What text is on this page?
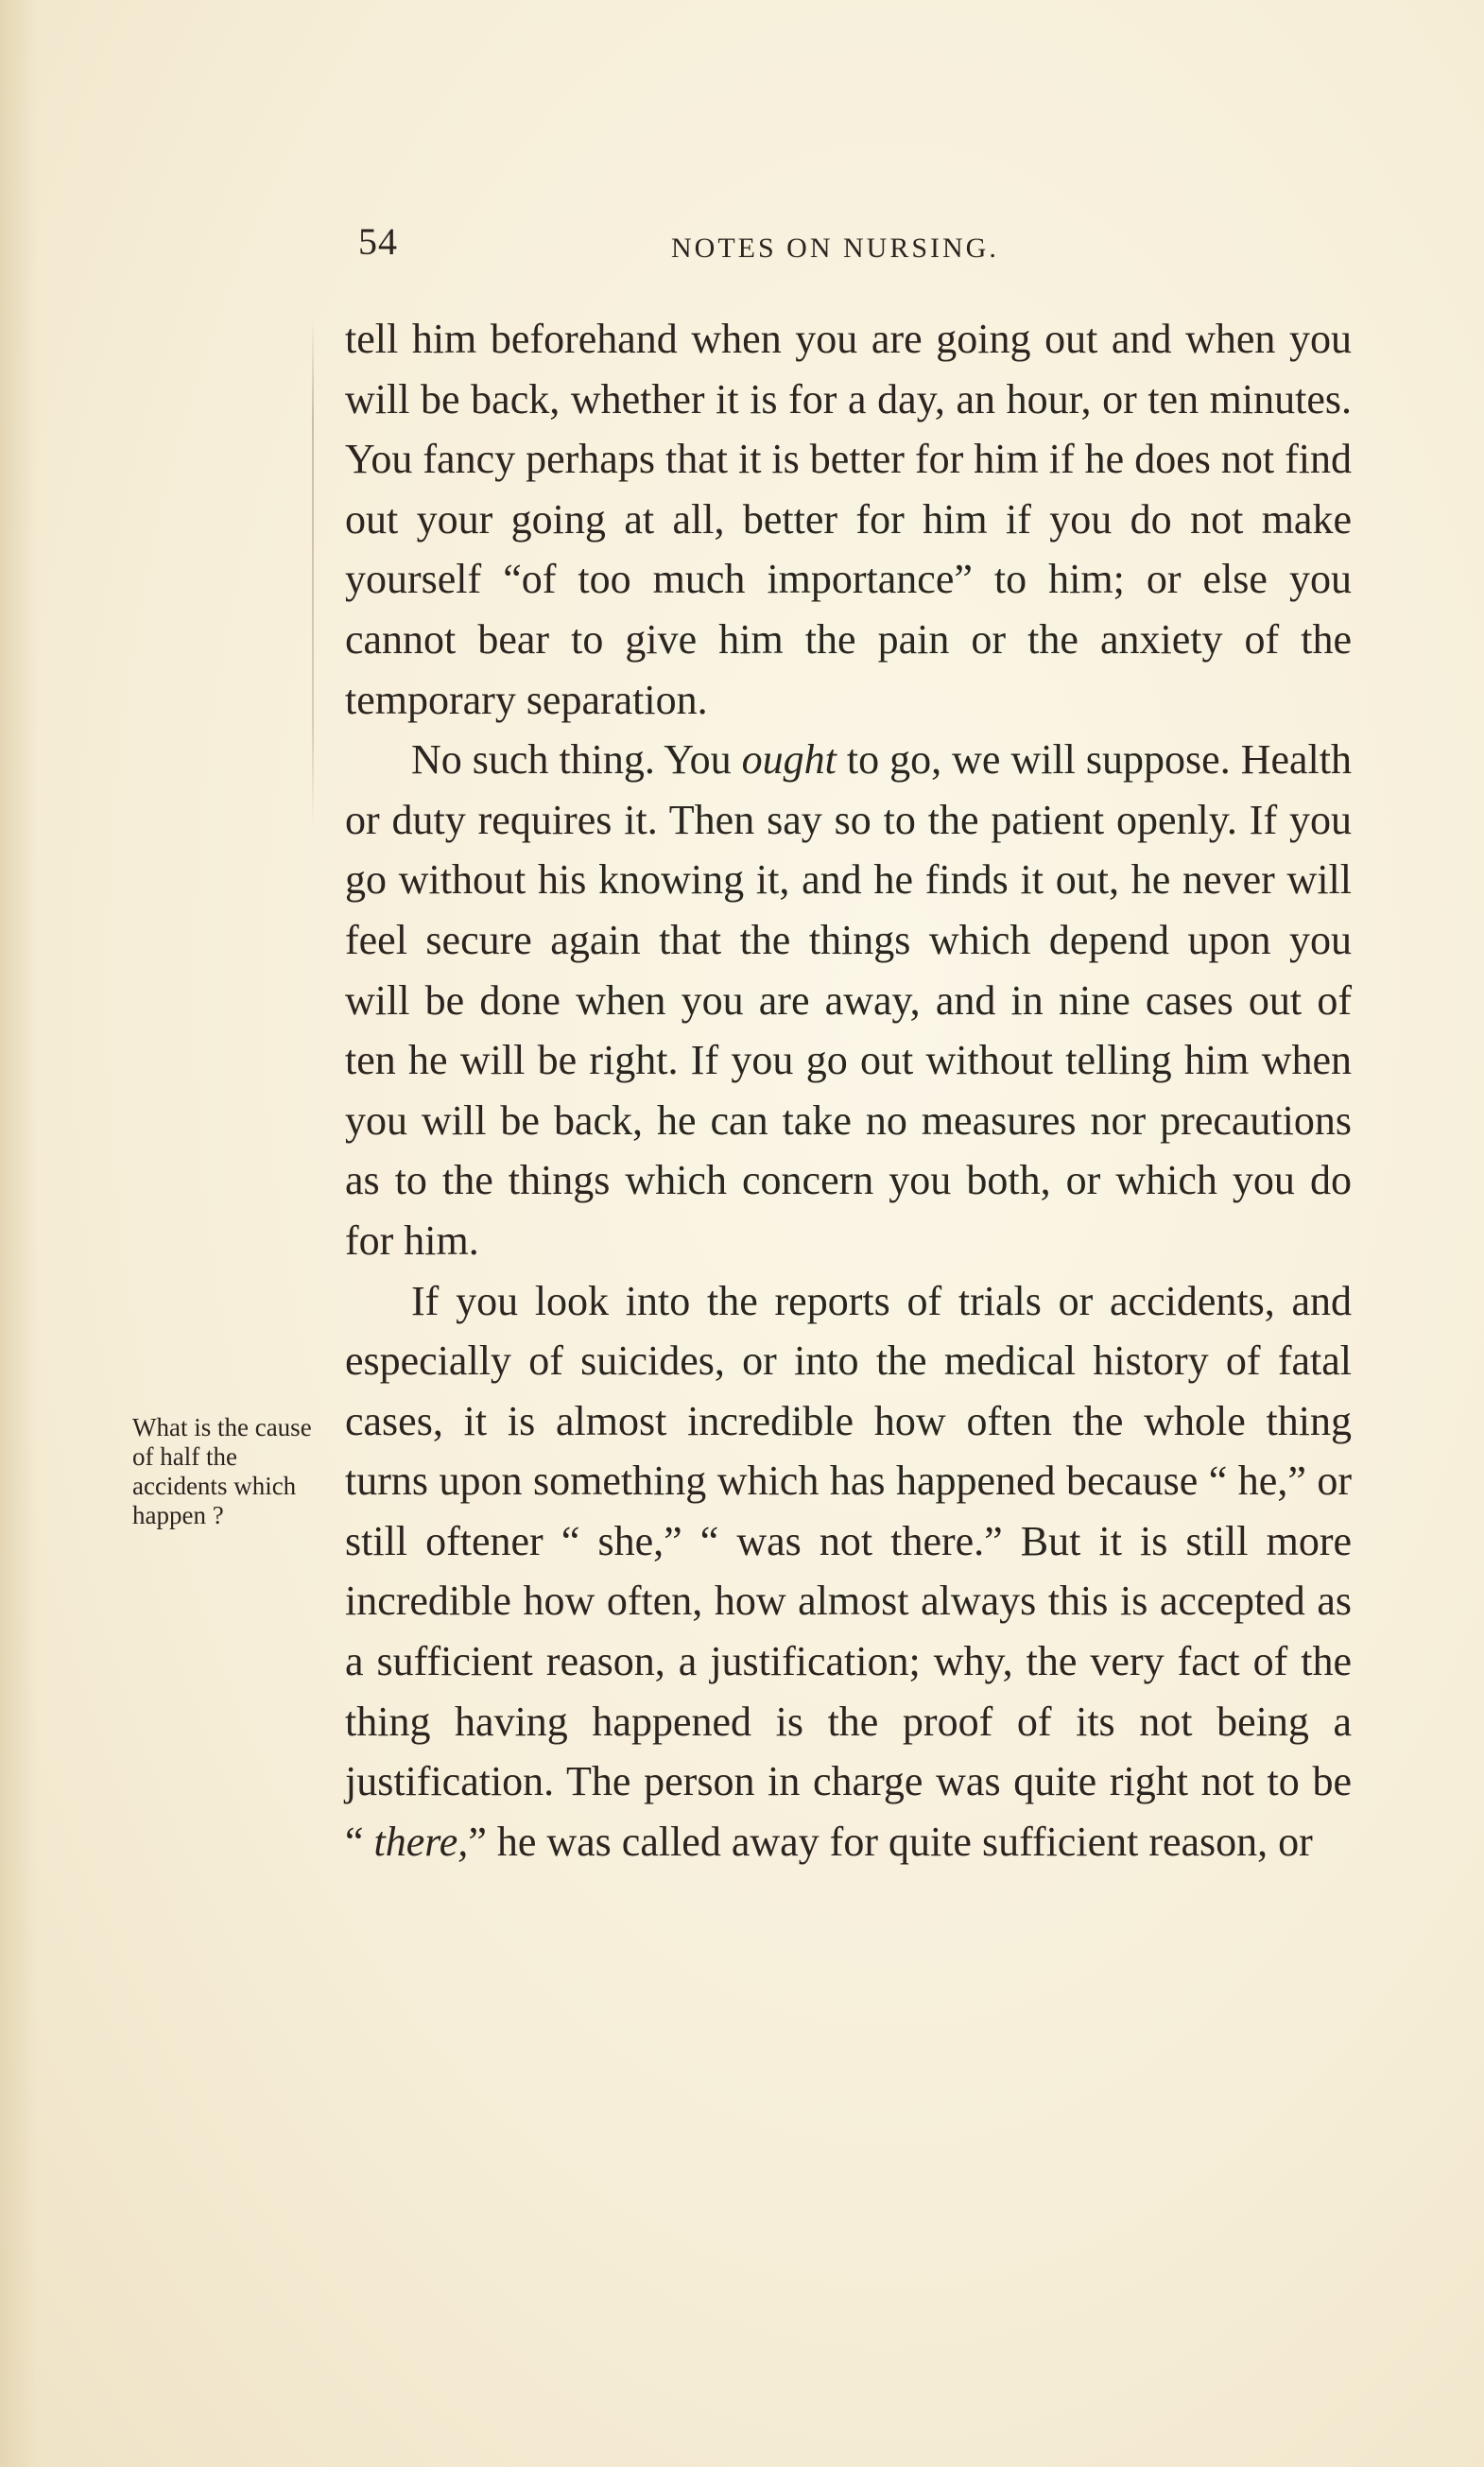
54	NOTES ON NURSING.
What is the cause of half the accidents which happen ?

tell him beforehand when you are going out and when you will be back, whether it is for a day, an hour, or ten minutes. You fancy perhaps that it is better for him if he does not find out your going at all, better for him if you do not make yourself “of too much importance” to him; or else you cannot bear to give him the pain or the anxiety of the temporary separation.

No such thing. You ought to go, we will suppose. Health or duty requires it. Then say so to the patient openly. If you go without his knowing it, and he finds it out, he never will feel secure again that the things which depend upon you will be done when you are away, and in nine cases out of ten he will be right. If you go out without telling him when you will be back, he can take no measures nor precautions as to the things which concern you both, or which you do for him.

If you look into the reports of trials or accidents, and especially of suicides, or into the medical history of fatal cases, it is almost incredible how often the whole thing turns upon something which has happened because “ he,” or still oftener “ she,” “ was not there.” But it is still more incredible how often, how almost always this is accepted as a sufficient reason, a justification; why, the very fact of the thing having happened is the proof of its not being a justification. The person in charge was quite right not to be “ there,” he was called away for quite sufficient reason, or
